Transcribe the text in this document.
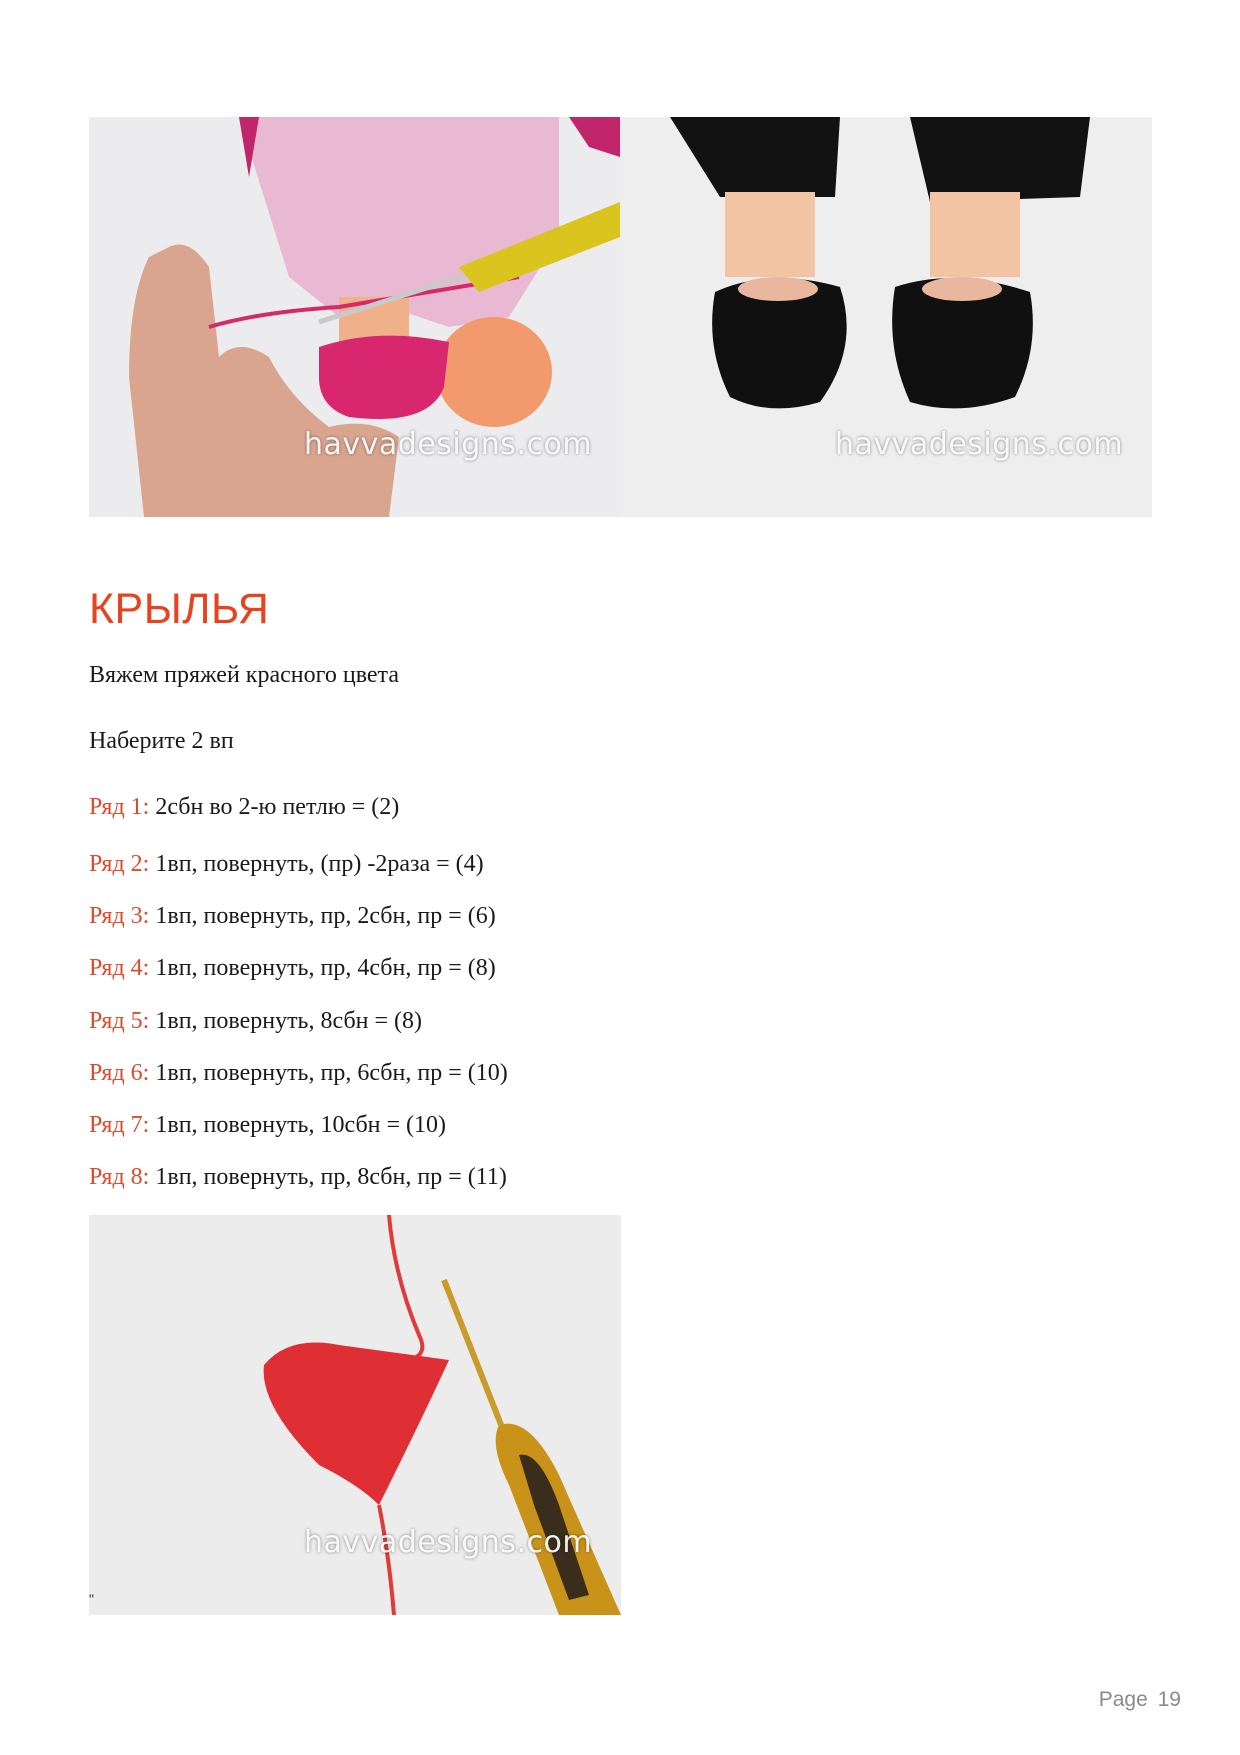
havvadesigns.com	havvadesigns.com
КРЫЛЬЯ

Вяжем пряжей красного цвета

Наберите 2 вп

Ряд 1: 2сбн во 2-ю петлю = (2)

Ряд 2: 1вп, повернуть, (пр) -2раза = (4)

Ряд 3: 1вп, повернуть, пр, 2сбн, пр = (6)

Ряд 4: 1вп, повернуть, пр, 4сбн, пр = (8)

Ряд 5: 1вп, повернуть, 8сбн = (8)

Ряд 6: 1вп, повернуть, пр, 6сбн, пр = (10)

Ряд 7: 1вп, повернуть, 10сбн = (10)

Ряд 8: 1вп, повернуть, пр, 8сбн, пр = (11)

havvadesigns.com
"
Page 19
